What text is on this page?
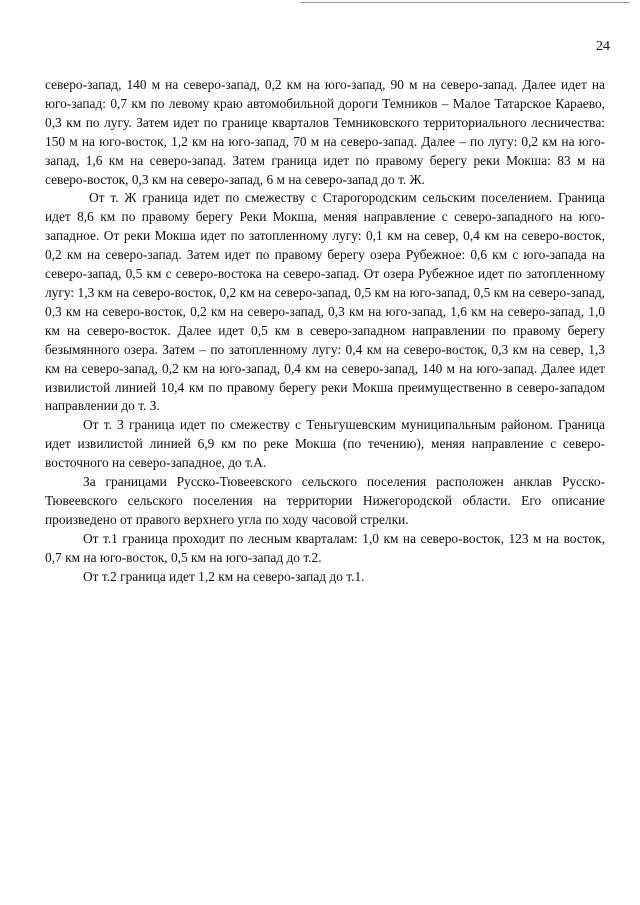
24

северо-запад, 140 м на северо-запад, 0,2 км на юго-запад, 90 м на северо-запад. Далее идет на юго-запад: 0,7 км по левому краю автомобильной дороги Темников – Малое Татарское Караево, 0,3 км по лугу. Затем идет по границе кварталов Темниковского территориального лесничества: 150 м на юго-восток, 1,2 км на юго-запад, 70 м на северо-запад. Далее – по лугу: 0,2 км на юго-запад, 1,6 км на северо-запад. Затем граница идет по правому берегу реки Мокша: 83 м на северо-восток, 0,3 км на северо-запад, 6 м на северо-запад до т. Ж.

От т. Ж граница идет по смежеству с Старогородским сельским поселением. Граница идет 8,6 км по правому берегу Реки Мокша, меняя направление с северо-западного на юго-западное. От реки Мокша идет по затопленному лугу: 0,1 км на север, 0,4 км на северо-восток, 0,2 км на северо-запад. Затем идет по правому берегу озера Рубежное: 0,6 км с юго-запада на северо-запад, 0,5 км с северо-востока на северо-запад. От озера Рубежное идет по затопленному лугу: 1,3 км на северо-восток, 0,2 км на северо-запад, 0,5 км на юго-запад, 0,5 км на северо-запад, 0,3 км на северо-восток, 0,2 км на северо-запад, 0,3 км на юго-запад, 1,6 км на северо-запад, 1,0 км на северо-восток. Далее идет 0,5 км в северо-западном направлении по правому берегу безымянного озера. Затем – по затопленному лугу: 0,4 км на северо-восток, 0,3 км на север, 1,3 км на северо-запад, 0,2 км на юго-запад, 0,4 км на северо-запад, 140 м на юго-запад. Далее идет извилистой линией 10,4 км по правому берегу реки Мокша преимущественно в северо-западом направлении до т. З.

От т. З граница идет по смежеству с Теньгушевским муниципальным районом. Граница идет извилистой линией 6,9 км по реке Мокша (по течению), меняя направление с северо-восточного на северо-западное, до т.А.

За границами Русско-Тювеевского сельского поселения расположен анклав Русско-Тювеевского сельского поселения на территории Нижегородской области. Его описание произведено от правого верхнего угла по ходу часовой стрелки.

От т.1 граница проходит по лесным кварталам: 1,0 км на северо-восток, 123 м на восток, 0,7 км на юго-восток, 0,5 км на юго-запад до т.2.

От т.2 граница идет 1,2 км на северо-запад до т.1.
